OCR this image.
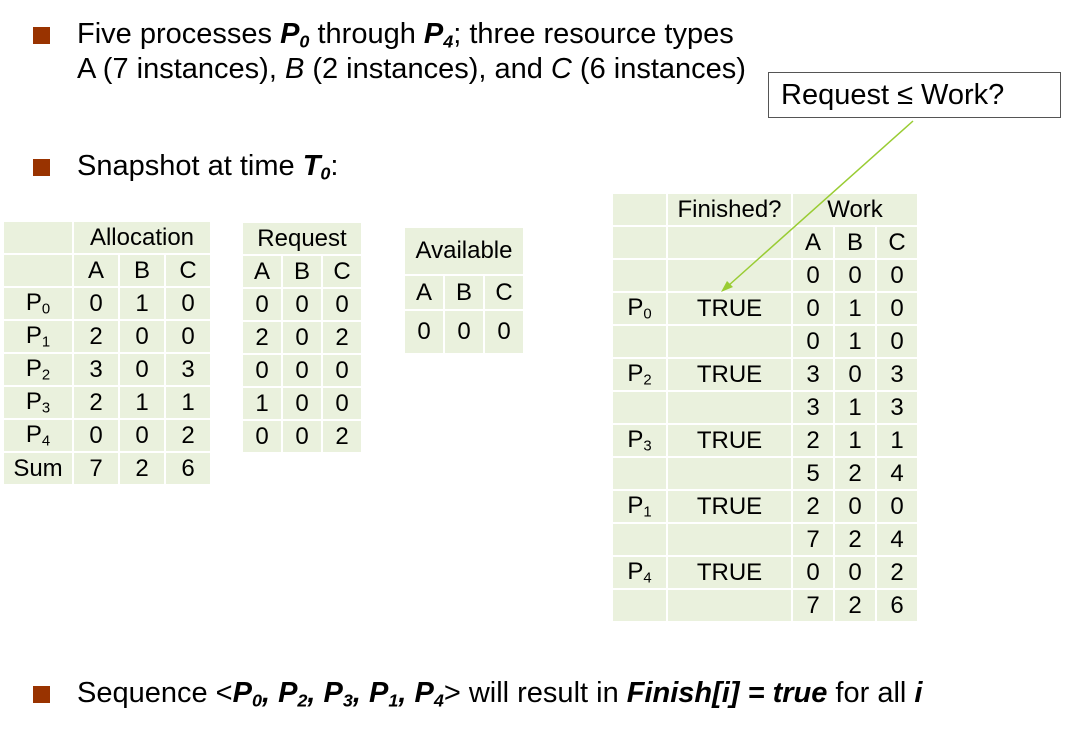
Five processes $P_0$ through $P_4$; three resource types
A (7 instances), B (2 instances), and C (6 instances)
Request ≤ Work?
Snapshot at time $T_0$:
	Allocation		
	A	B	C
$P_0$	0	1	0
$P_1$	2	0	0
$P_2$	3	0	3
$P_3$	2	1	1
$P_4$	0	0	2
Sum	7	2	6
Request		
A	B	C
0	0	0
2	0	2
0	0	0
1	0	0
0	0	2
Available		
A	B	C
0	0	0
	Finished?	Work		
		A	B	C
		0	0	0
$P_0$	TRUE	0	1	0
		0	1	0
$P_2$	TRUE	3	0	3
		3	1	3
$P_3$	TRUE	2	1	1
		5	2	4
$P_1$	TRUE	2	0	0
		7	2	4
$P_4$	TRUE	0	0	2
		7	2	6
Sequence $<P_0$, $P_2$, $P_3$, $P_1$, $P_4>$ will result in Finish[i] = true for all i
